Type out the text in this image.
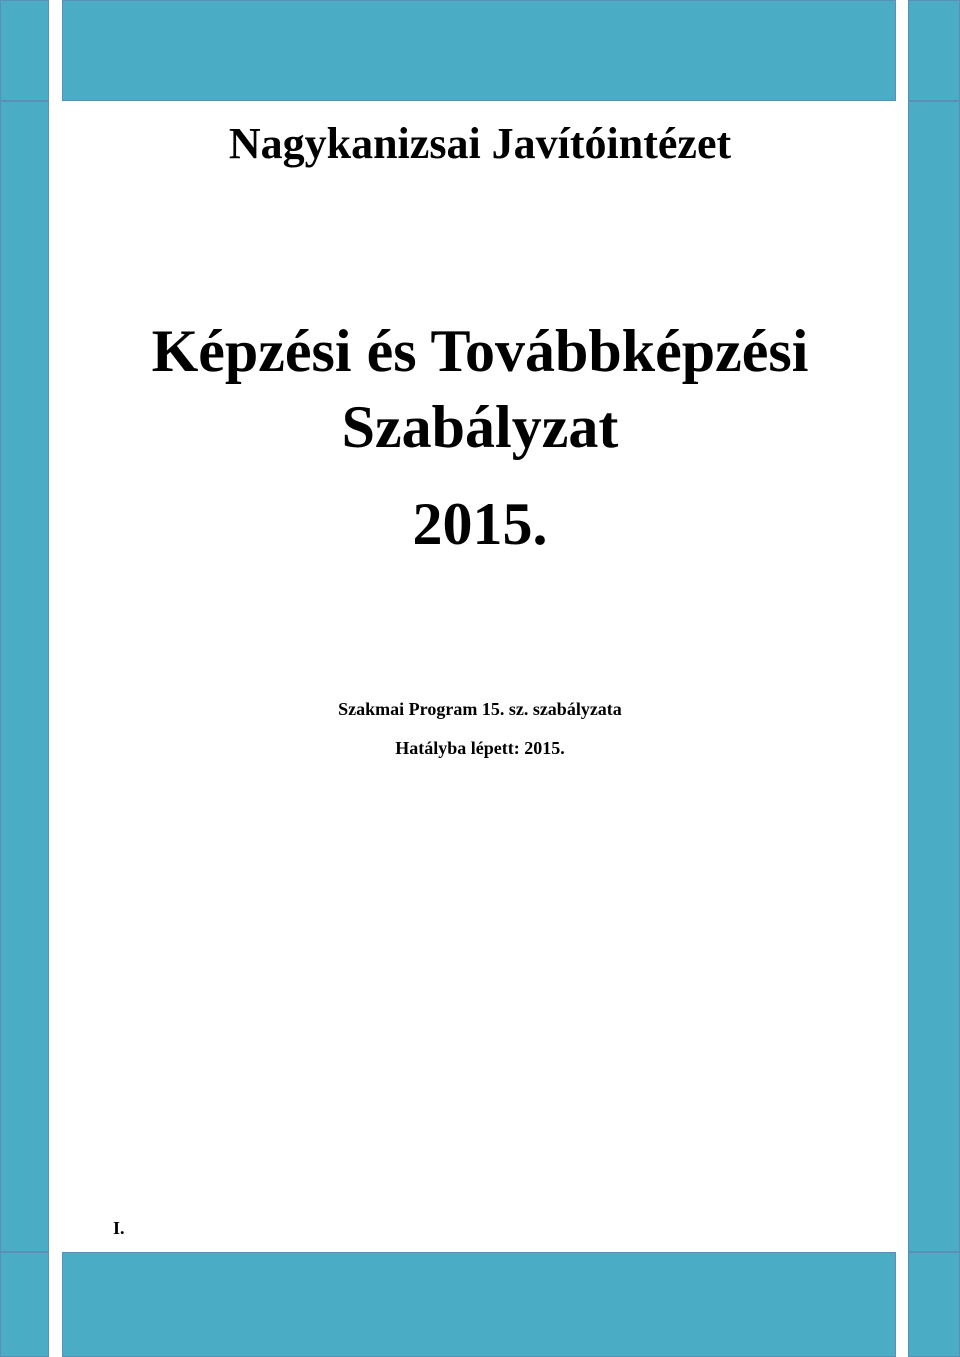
Nagykanizsai Javítóintézet
Képzési és Továbbképzési
Szabályzat
2015.
Szakmai Program 15. sz. szabályzata
Hatályba lépett: 2015.
I.
